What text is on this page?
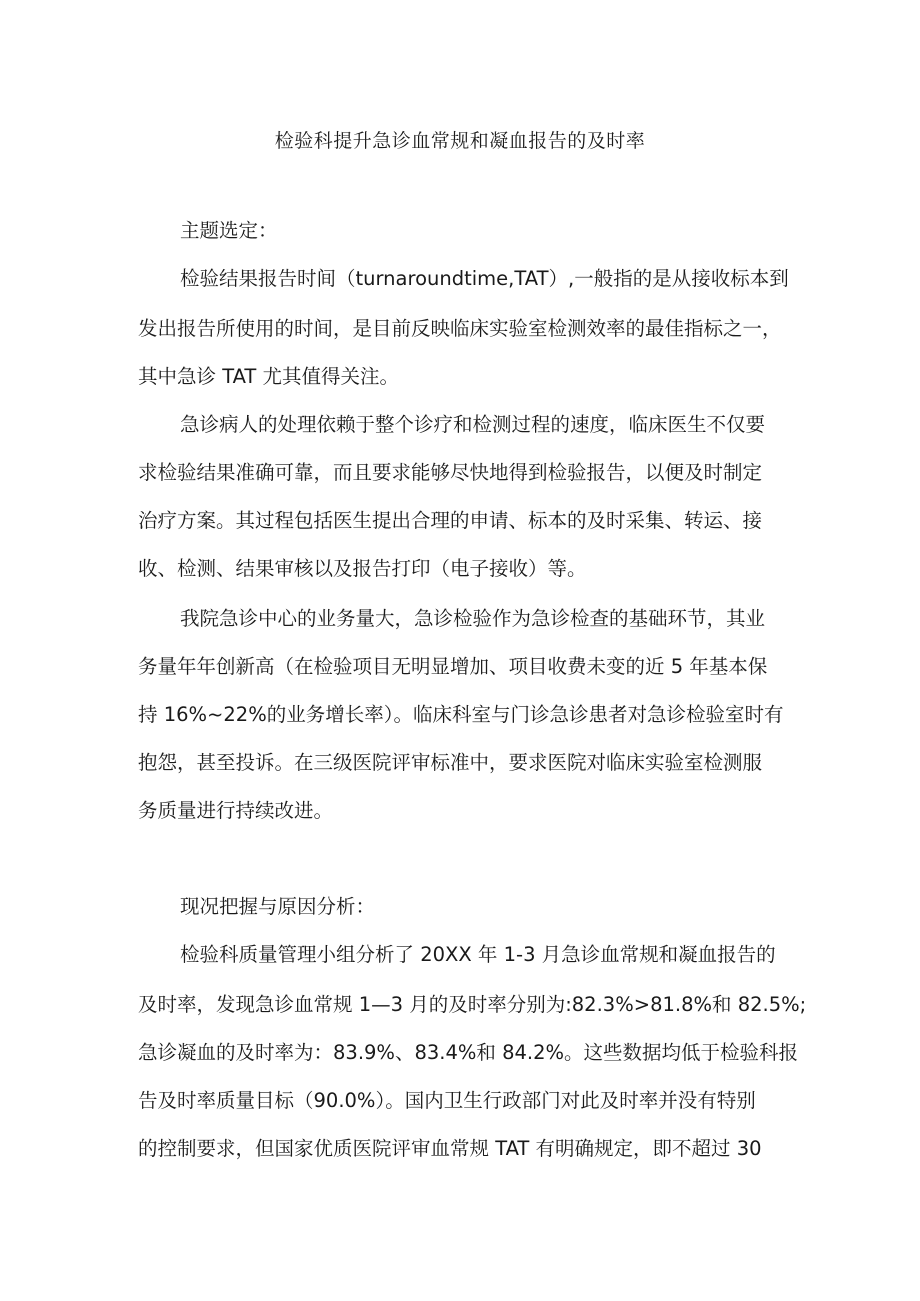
检验科提升急诊血常规和凝血报告的及时率

主题选定：

检验结果报告时间（turnaroundtime,TAT）,一般指的是从接收标本到

发出报告所使用的时间，是目前反映临床实验室检测效率的最佳指标之一，

其中急诊 TAT 尤其值得关注。

急诊病人的处理依赖于整个诊疗和检测过程的速度，临床医生不仅要

求检验结果准确可靠，而且要求能够尽快地得到检验报告，以便及时制定

治疗方案。其过程包括医生提出合理的申请、标本的及时采集、转运、接

收、检测、结果审核以及报告打印（电子接收）等。

我院急诊中心的业务量大，急诊检验作为急诊检查的基础环节，其业

务量年年创新高（在检验项目无明显增加、项目收费未变的近 5 年基本保

持 16%~22%的业务增长率）。临床科室与门诊急诊患者对急诊检验室时有

抱怨，甚至投诉。在三级医院评审标准中，要求医院对临床实验室检测服

务质量进行持续改进。

现况把握与原因分析：

检验科质量管理小组分析了 20XX 年 1-3 月急诊血常规和凝血报告的

及时率，发现急诊血常规 1—3 月的及时率分别为:82.3%>81.8%和 82.5%;

急诊凝血的及时率为：83.9%、83.4%和 84.2%。这些数据均低于检验科报

告及时率质量目标（90.0%）。国内卫生行政部门对此及时率并没有特别

的控制要求，但国家优质医院评审血常规 TAT 有明确规定，即不超过 30
